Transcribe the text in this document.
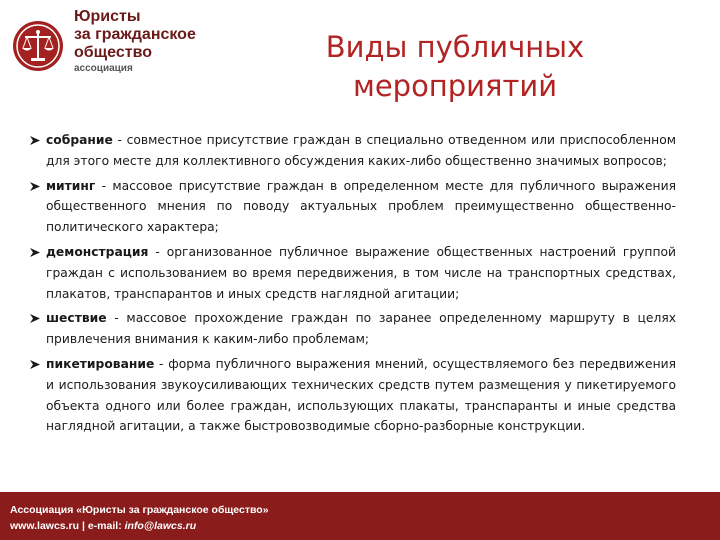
Юристы
за гражданское
общество
ассоциация
Виды публичных
мероприятий
собрание - совместное присутствие граждан в специально отведенном или приспособленном для этого месте для коллективного обсуждения каких-либо общественно значимых вопросов;
митинг - массовое присутствие граждан в определенном месте для публичного выражения общественного мнения по поводу актуальных проблем преимущественно общественно-политического характера;
демонстрация - организованное публичное выражение общественных настроений группой граждан с использованием во время передвижения, в том числе на транспортных средствах, плакатов, транспарантов и иных средств наглядной агитации;
шествие - массовое прохождение граждан по заранее определенному маршруту в целях привлечения внимания к каким-либо проблемам;
пикетирование - форма публичного выражения мнений, осуществляемого без передвижения и использования звукоусиливающих технических средств путем размещения у пикетируемого объекта одного или более граждан, использующих плакаты, транспаранты и иные средства наглядной агитации, а также быстровозводимые сборно-разборные конструкции.
Ассоциация «Юристы за гражданское общество»
www.lawcs.ru | e-mail: info@lawcs.ru
